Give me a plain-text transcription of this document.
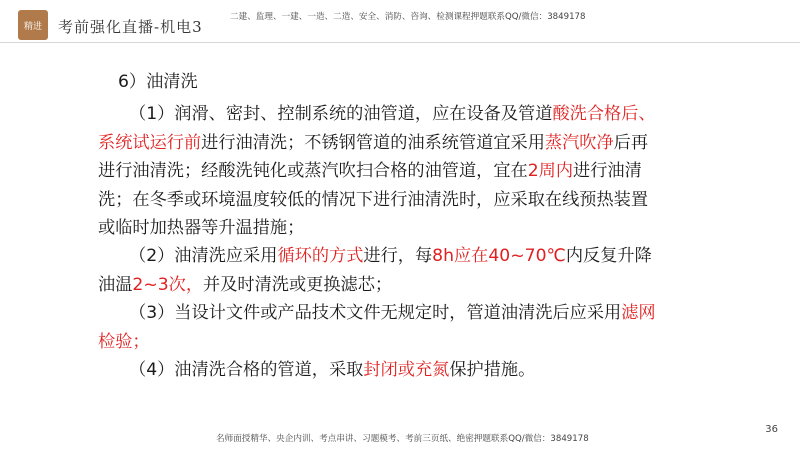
精进	考前强化直播-机电3
二建、监理、一建、一造、二造、安全、消防、咨询、检测课程押题联系QQ/微信：3849178

6）油清洗

（1）润滑、密封、控制系统的油管道，应在设备及管道酸洗合格后、系统试运行前进行油清洗；不锈钢管道的油系统管道宜采用蒸汽吹净后再进行油清洗；经酸洗钝化或蒸汽吹扫合格的油管道，宜在2周内进行油清洗；在冬季或环境温度较低的情况下进行油清洗时，应采取在线预热装置或临时加热器等升温措施；

（2）油清洗应采用循环的方式进行，每8h应在40~70℃内反复升降油温2~3次，并及时清洗或更换滤芯；

（3）当设计文件或产品技术文件无规定时，管道油清洗后应采用滤网检验；

（4）油清洗合格的管道，采取封闭或充氮保护措施。

36
名师面授精华、央企内训、考点串讲、习题模考、考前三页纸、绝密押题联系QQ/微信：3849178
